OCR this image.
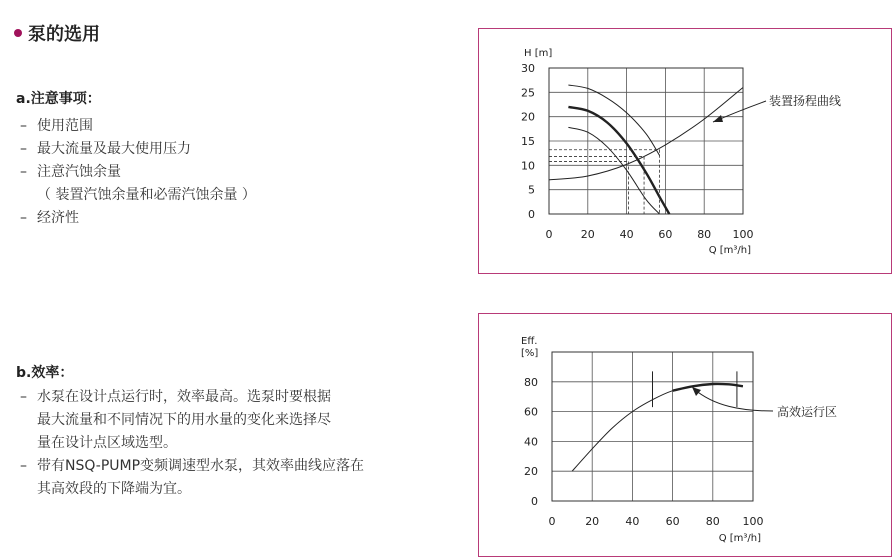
泵的选用
a.注意事项：
– 使用范围
– 最大流量及最大使用压力
– 注意汽蚀余量
（ 装置汽蚀余量和必需汽蚀余量 ）
– 经济性
b.效率：
– 水泵在设计点运行时，效率最高。选泵时要根据
最大流量和不同情况下的用水量的变化来选择尽
量在设计点区域选型。
– 带有NSQ-PUMP变频调速型水泵，其效率曲线应落在
其高效段的下降端为宜。
0	20 40 60 80 100
0
5
10
15
20
25
30
H [m]
Q [m³/h]
装置扬程曲线
0	20 40 60 80 100
0
20
40
60
80
Eff.
[%]
Q [m³/h]
高效运行区
